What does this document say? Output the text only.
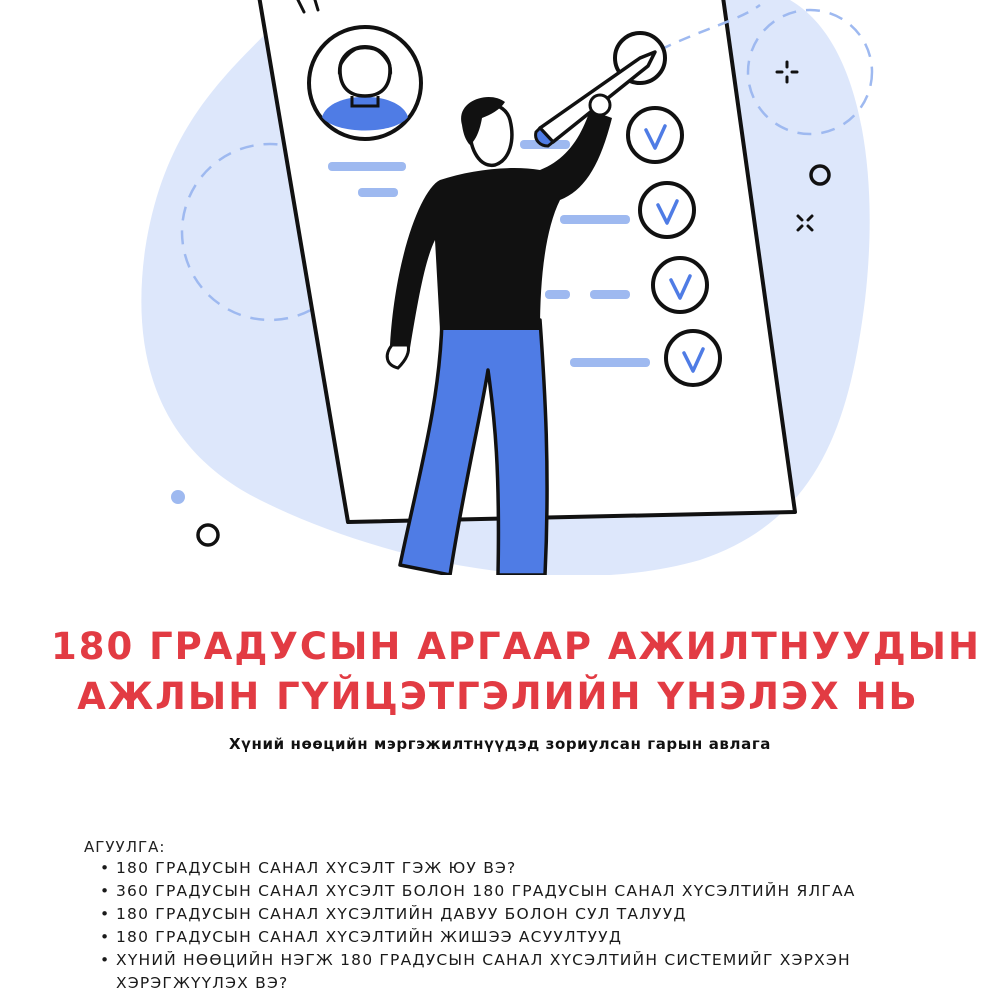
180 ГРАДУСЫН АРГААР АЖИЛТНУУДЫН
АЖЛЫН ГҮЙЦЭТГЭЛИЙН ҮНЭЛЭХ НЬ

Хүний нөөцийн мэргэжилтнүүдэд зориулсан гарын авлага

АГУУЛГА:

• 180 ГРАДУСЫН САНАЛ ХҮСЭЛТ ГЭЖ ЮУ ВЭ?
• 360 ГРАДУСЫН САНАЛ ХҮСЭЛТ БОЛОН 180 ГРАДУСЫН САНАЛ ХҮСЭЛТИЙН ЯЛГАА
• 180 ГРАДУСЫН САНАЛ ХҮСЭЛТИЙН ДАВУУ БОЛОН СУЛ ТАЛУУД
• 180 ГРАДУСЫН САНАЛ ХҮСЭЛТИЙН ЖИШЭЭ АСУУЛТУУД
• ХҮНИЙ НӨӨЦИЙН НЭГЖ 180 ГРАДУСЫН САНАЛ ХҮСЭЛТИЙН СИСТЕМИЙГ ХЭРХЭН ХЭРЭГЖҮҮЛЭХ ВЭ?
